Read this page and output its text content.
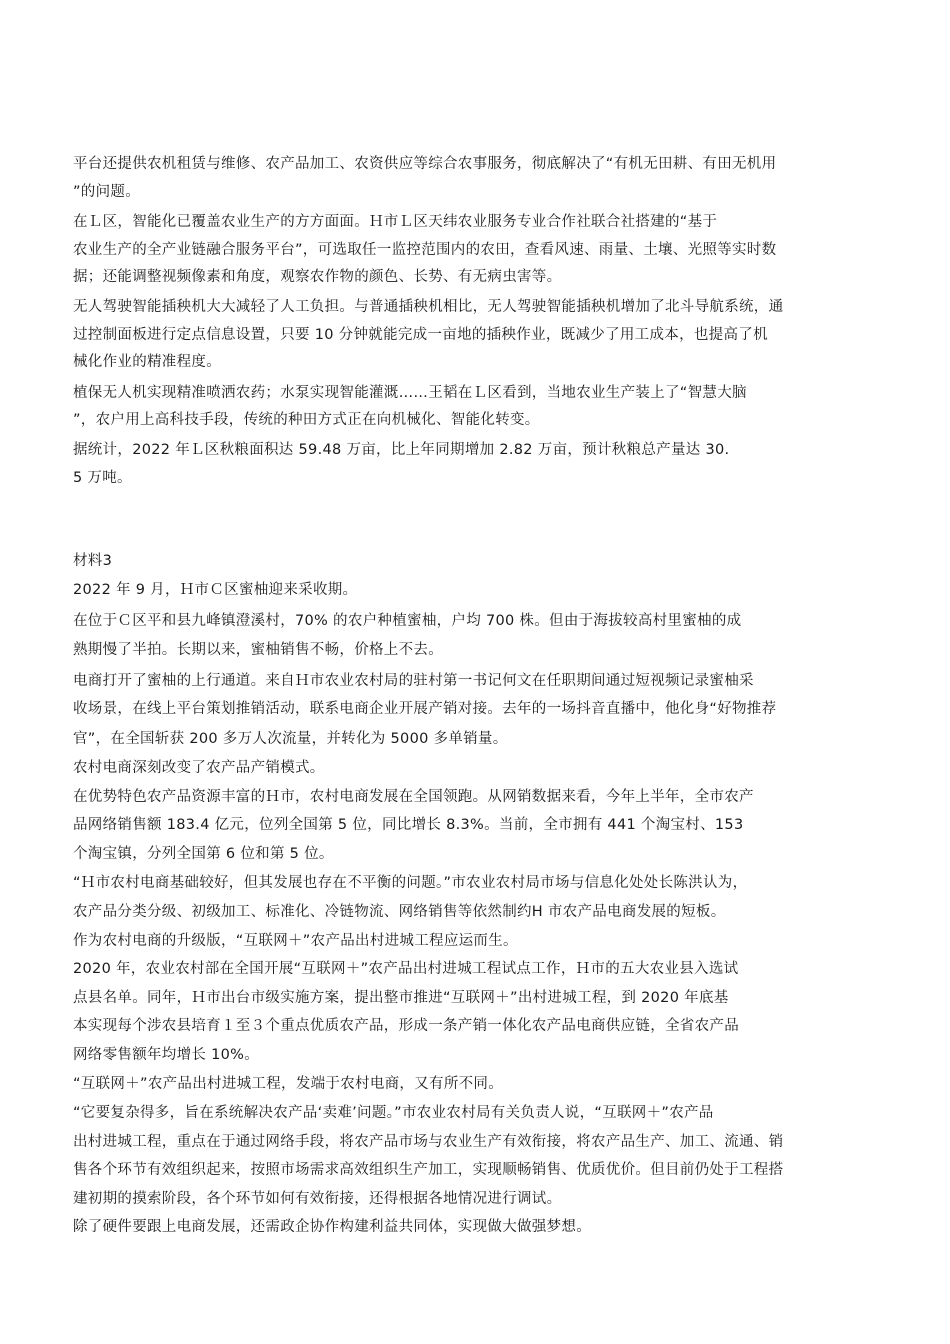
平台还提供农机租赁与维修、农产品加工、农资供应等综合农事服务，彻底解决了“有机无田耕、有田无机用
”的问题。
在Ｌ区，智能化已覆盖农业生产的方方面面。Ｈ市Ｌ区天纬农业服务专业合作社联合社搭建的“基于
农业生产的全产业链融合服务平台”，可选取任一监控范围内的农田，查看风速、雨量、土壤、光照等实时数
据；还能调整视频像素和角度，观察农作物的颜色、长势、有无病虫害等。
无人驾驶智能插秧机大大减轻了人工负担。与普通插秧机相比，无人驾驶智能插秧机增加了北斗导航系统，通
过控制面板进行定点信息设置，只要 10 分钟就能完成一亩地的插秧作业，既减少了用工成本，也提高了机
械化作业的精准程度。
植保无人机实现精准喷洒农药；水泵实现智能灌溉……王韬在Ｌ区看到，当地农业生产装上了“智慧大脑
”，农户用上高科技手段，传统的种田方式正在向机械化、智能化转变。
据统计，2022 年Ｌ区秋粮面积达 59.48 万亩，比上年同期增加 2.82 万亩，预计秋粮总产量达 30.
5 万吨。
材料3
2022 年 9 月，Ｈ市Ｃ区蜜柚迎来采收期。
在位于Ｃ区平和县九峰镇澄溪村，70% 的农户种植蜜柚，户均 700 株。但由于海拔较高村里蜜柚的成
熟期慢了半拍。长期以来，蜜柚销售不畅，价格上不去。
电商打开了蜜柚的上行通道。来自Ｈ市农业农村局的驻村第一书记何文在任职期间通过短视频记录蜜柚采
收场景，在线上平台策划推销活动，联系电商企业开展产销对接。去年的一场抖音直播中，他化身“好物推荐
官”，在全国斩获 200 多万人次流量，并转化为 5000 多单销量。
农村电商深刻改变了农产品产销模式。
在优势特色农产品资源丰富的Ｈ市，农村电商发展在全国领跑。从网销数据来看，今年上半年，全市农产
品网络销售额 183.4 亿元，位列全国第 5 位，同比增长 8.3%。当前，全市拥有 441 个淘宝村、153
个淘宝镇，分列全国第 6 位和第 5 位。
“Ｈ市农村电商基础较好，但其发展也存在不平衡的问题。”市农业农村局市场与信息化处处长陈洪认为，
农产品分类分级、初级加工、标准化、冷链物流、网络销售等依然制约H 市农产品电商发展的短板。
作为农村电商的升级版，“互联网＋”农产品出村进城工程应运而生。
2020 年，农业农村部在全国开展“互联网＋”农产品出村进城工程试点工作，Ｈ市的五大农业县入选试
点县名单。同年，Ｈ市出台市级实施方案，提出整市推进“互联网＋”出村进城工程，到 2020 年底基
本实现每个涉农县培育１至３个重点优质农产品，形成一条产销一体化农产品电商供应链，全省农产品
网络零售额年均增长 10%。
“互联网＋”农产品出村进城工程，发端于农村电商，又有所不同。
“它要复杂得多，旨在系统解决农产品‘卖难’问题。”市农业农村局有关负责人说，“互联网＋”农产品
出村进城工程，重点在于通过网络手段，将农产品市场与农业生产有效衔接，将农产品生产、加工、流通、销
售各个环节有效组织起来，按照市场需求高效组织生产加工，实现顺畅销售、优质优价。但目前仍处于工程搭
建初期的摸索阶段，各个环节如何有效衔接，还得根据各地情况进行调试。
除了硬件要跟上电商发展，还需政企协作构建利益共同体，实现做大做强梦想。
